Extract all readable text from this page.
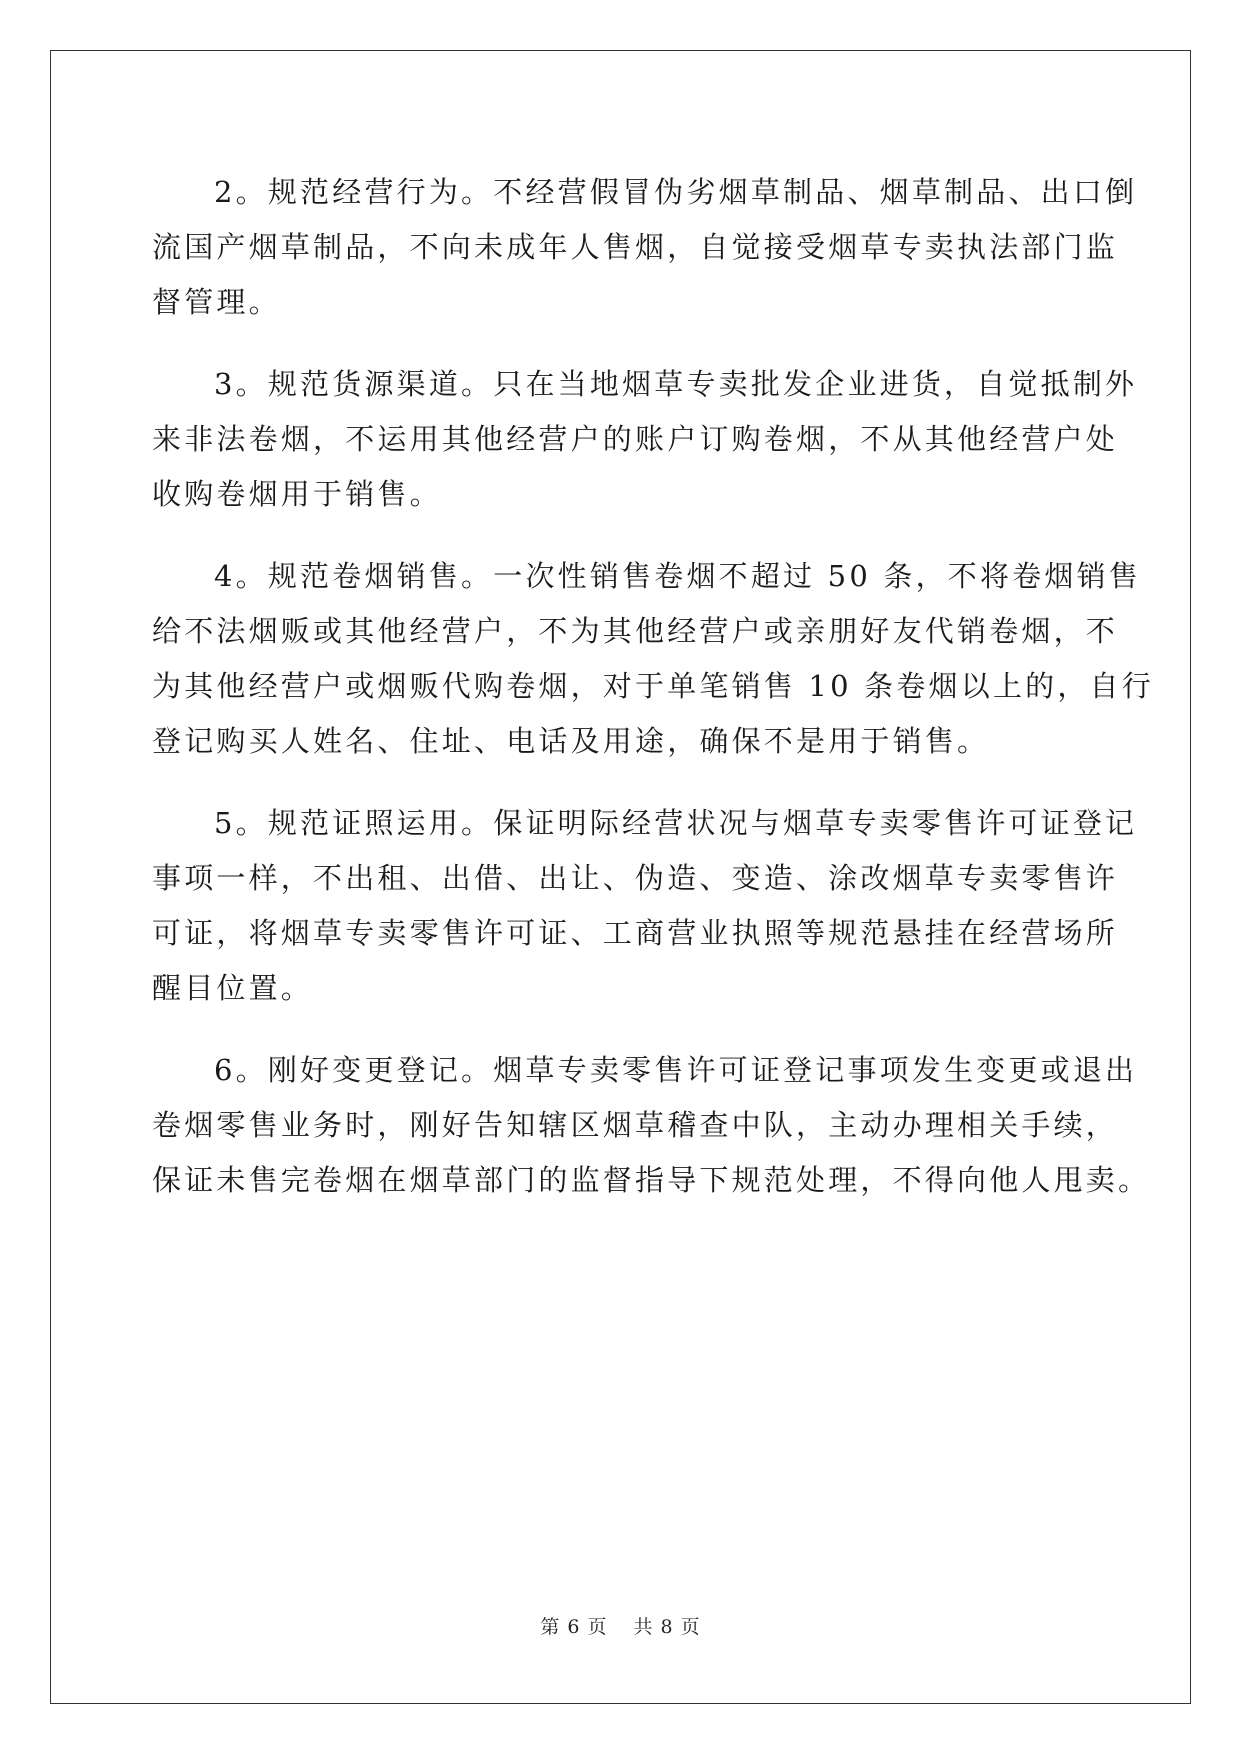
2。规范经营行为。不经营假冒伪劣烟草制品、烟草制品、出口倒
流国产烟草制品，不向未成年人售烟，自觉接受烟草专卖执法部门监
督管理。

3。规范货源渠道。只在当地烟草专卖批发企业进货，自觉抵制外
来非法卷烟，不运用其他经营户的账户订购卷烟，不从其他经营户处
收购卷烟用于销售。

4。规范卷烟销售。一次性销售卷烟不超过 50 条，不将卷烟销售
给不法烟贩或其他经营户，不为其他经营户或亲朋好友代销卷烟，不
为其他经营户或烟贩代购卷烟，对于单笔销售 10 条卷烟以上的，自行
登记购买人姓名、住址、电话及用途，确保不是用于销售。

5。规范证照运用。保证明际经营状况与烟草专卖零售许可证登记
事项一样，不出租、出借、出让、伪造、变造、涂改烟草专卖零售许
可证，将烟草专卖零售许可证、工商营业执照等规范悬挂在经营场所
醒目位置。

6。刚好变更登记。烟草专卖零售许可证登记事项发生变更或退出
卷烟零售业务时，刚好告知辖区烟草稽查中队，主动办理相关手续，
保证未售完卷烟在烟草部门的监督指导下规范处理，不得向他人甩卖。

第 6 页 共 8 页
